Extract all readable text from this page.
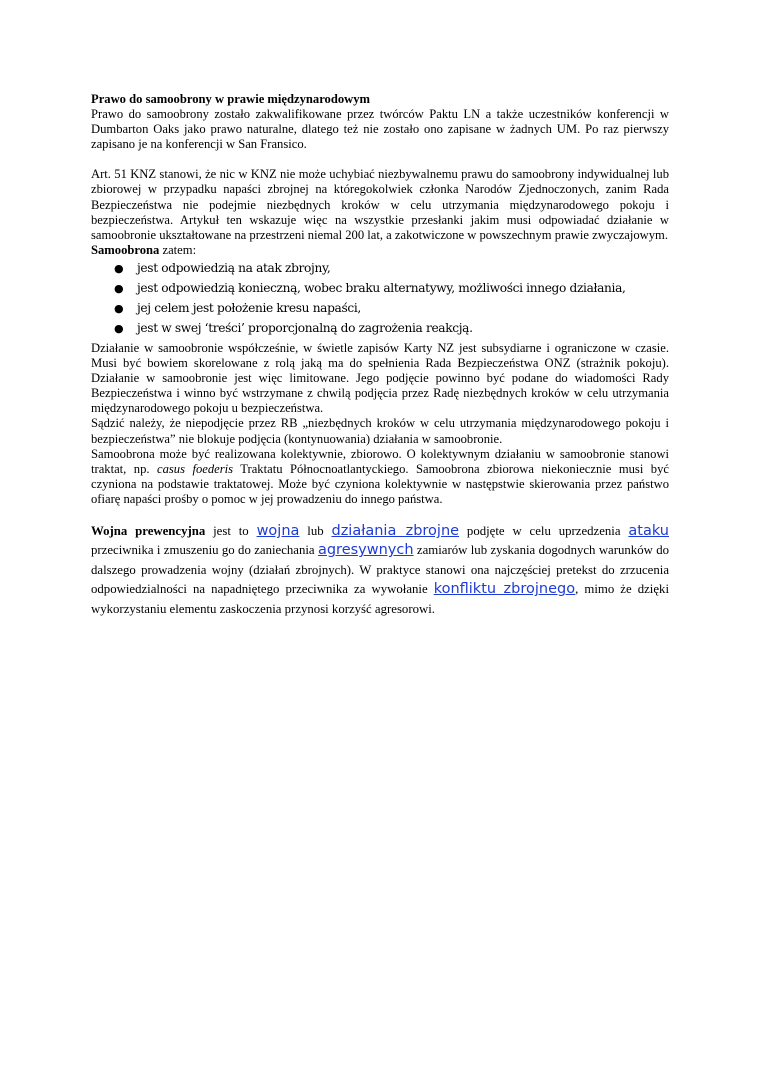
Prawo do samoobrony w prawie międzynarodowym

Prawo do samoobrony zostało zakwalifikowane przez twórców Paktu LN a także uczestników konferencji w Dumbarton Oaks jako prawo naturalne, dlatego też nie zostało ono zapisane w żadnych UM. Po raz pierwszy zapisano je na konferencji w San Fransico.

Art. 51 KNZ stanowi, że nic w KNZ nie może uchybiać niezbywalnemu prawu do samoobrony indywidualnej lub zbiorowej w przypadku napaści zbrojnej na któregokolwiek członka Narodów Zjednoczonych, zanim Rada Bezpieczeństwa nie podejmie niezbędnych kroków w celu utrzymania międzynarodowego pokoju i bezpieczeństwa. Artykuł ten wskazuje więc na wszystkie przesłanki jakim musi odpowiadać działanie w samoobronie ukształtowane na przestrzeni niemal 200 lat, a zakotwiczone w powszechnym prawie zwyczajowym.

Samoobrona zatem:

● jest odpowiedzią na atak zbrojny,
● jest odpowiedzią konieczną, wobec braku alternatywy, możliwości innego działania,
● jej celem jest położenie kresu napaści,
● jest w swej ‘treści’ proporcjonalną do zagrożenia reakcją.

Działanie w samoobronie współcześnie, w świetle zapisów Karty NZ jest subsydiarne i ograniczone w czasie. Musi być bowiem skorelowane z rolą jaką ma do spełnienia Rada Bezpieczeństwa ONZ (strażnik pokoju). Działanie w samoobronie jest więc limitowane. Jego podjęcie powinno być podane do wiadomości Rady Bezpieczeństwa i winno być wstrzymane z chwilą podjęcia przez Radę niezbędnych kroków w celu utrzymania międzynarodowego pokoju u bezpieczeństwa.

Sądzić należy, że niepodjęcie przez RB „niezbędnych kroków w celu utrzymania międzynarodowego pokoju i bezpieczeństwa” nie blokuje podjęcia (kontynuowania) działania w samoobronie.

Samoobrona może być realizowana kolektywnie, zbiorowo. O kolektywnym działaniu w samoobronie stanowi traktat, np. casus foederis Traktatu Północnoatlantyckiego. Samoobrona zbiorowa niekoniecznie musi być czyniona na podstawie traktatowej. Może być czyniona kolektywnie w następstwie skierowania przez państwo ofiarę napaści prośby o pomoc w jej prowadzeniu do innego państwa.

Wojna prewencyjna jest to wojna lub działania zbrojne podjęte w celu uprzedzenia ataku przeciwnika i zmuszeniu go do zaniechania agresywnych zamiarów lub zyskania dogodnych warunków do dalszego prowadzenia wojny (działań zbrojnych). W praktyce stanowi ona najczęściej pretekst do zrzucenia odpowiedzialności na napadniętego przeciwnika za wywołanie konfliktu zbrojnego, mimo że dzięki wykorzystaniu elementu zaskoczenia przynosi korzyść agresorowi.
